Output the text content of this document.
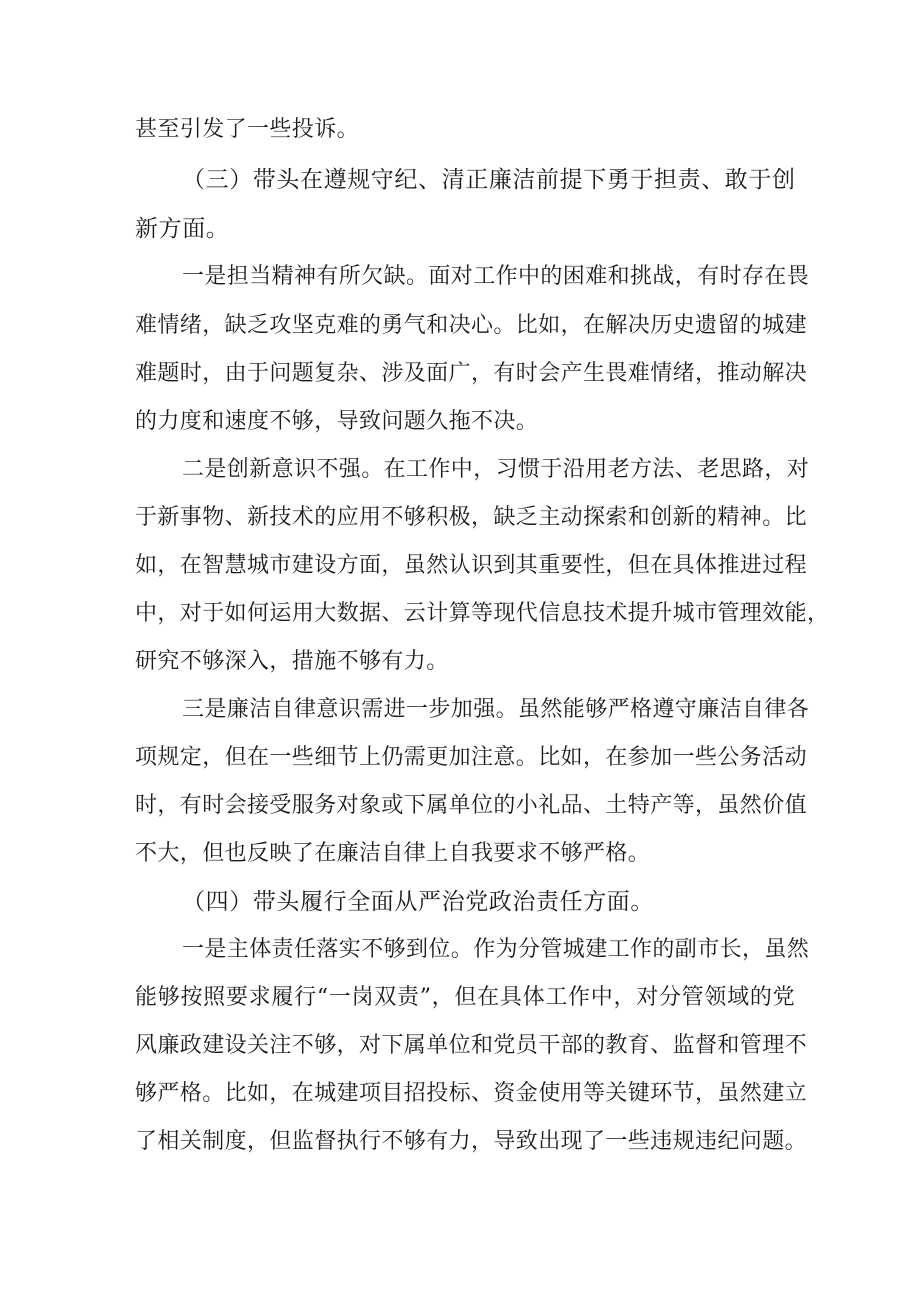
甚至引发了一些投诉。
（三）带头在遵规守纪、清正廉洁前提下勇于担责、敢于创
新方面。
一是担当精神有所欠缺。面对工作中的困难和挑战，有时存在畏
难情绪，缺乏攻坚克难的勇气和决心。比如，在解决历史遗留的城建
难题时，由于问题复杂、涉及面广，有时会产生畏难情绪，推动解决
的力度和速度不够，导致问题久拖不决。
二是创新意识不强。在工作中，习惯于沿用老方法、老思路，对
于新事物、新技术的应用不够积极，缺乏主动探索和创新的精神。比
如，在智慧城市建设方面，虽然认识到其重要性，但在具体推进过程
中，对于如何运用大数据、云计算等现代信息技术提升城市管理效能，
研究不够深入，措施不够有力。
三是廉洁自律意识需进一步加强。虽然能够严格遵守廉洁自律各
项规定，但在一些细节上仍需更加注意。比如，在参加一些公务活动
时，有时会接受服务对象或下属单位的小礼品、土特产等，虽然价值
不大，但也反映了在廉洁自律上自我要求不够严格。
（四）带头履行全面从严治党政治责任方面。
一是主体责任落实不够到位。作为分管城建工作的副市长，虽然
能够按照要求履行“一岗双责”，但在具体工作中，对分管领域的党
风廉政建设关注不够，对下属单位和党员干部的教育、监督和管理不
够严格。比如，在城建项目招投标、资金使用等关键环节，虽然建立
了相关制度，但监督执行不够有力，导致出现了一些违规违纪问题。
